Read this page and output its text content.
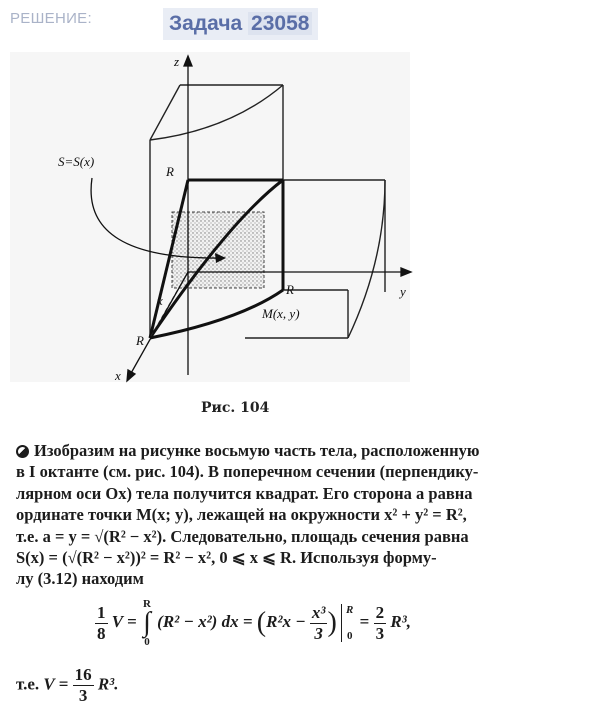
РЕШЕНИЕ:	Задача 23058
z
y
x
x
R
R
R
S=S(x)
M(x, y)
Рис. 104
Изобразим на рисунке восьмую часть тела, расположенную
в I октанте (см. рис. 104). В поперечном сечении (перпендику-
лярном оси Ox) тела получится квадрат. Его сторона a равна
ординате точки M(x; y), лежащей на окружности x² + y² = R²,
т.е. a = y = √(R² − x²). Следовательно, площадь сечения равна
S(x) = (√(R² − x²))² = R² − x², 0 ⩽ x ⩽ R. Используя форму-
лу (3.12) находим
$\frac{1}{8}$ V =
R
∫
0
(R² − x²) dx = ($R^2x - \frac{\text{x³}}{3}$ ) R
0
= $\frac{2}{3} R^3$,
т.е. $V = \frac{16}{3} R^3$.
